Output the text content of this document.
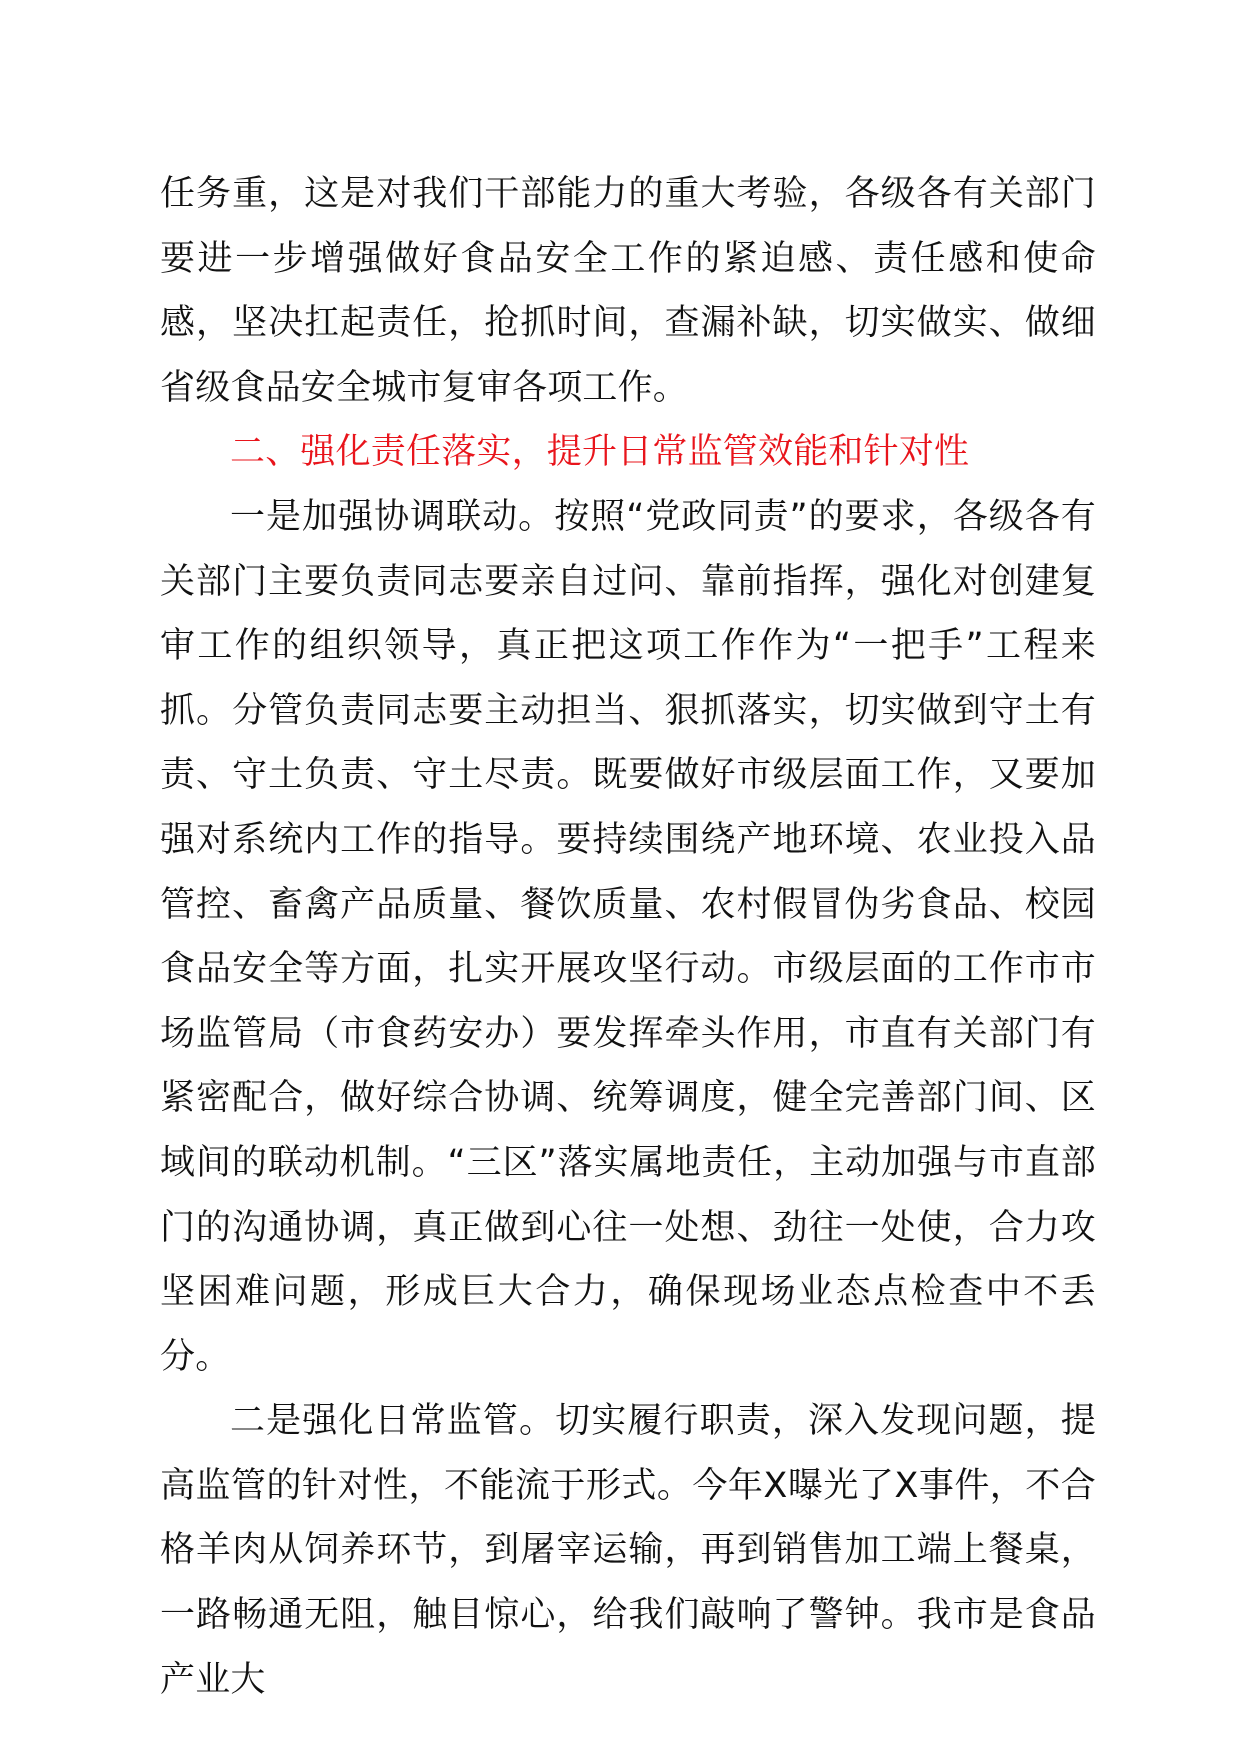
任务重，这是对我们干部能力的重大考验，各级各有关部门要进一步增强做好食品安全工作的紧迫感、责任感和使命感，坚决扛起责任，抢抓时间，查漏补缺，切实做实、做细省级食品安全城市复审各项工作。

二、强化责任落实，提升日常监管效能和针对性

一是加强协调联动。按照“党政同责”的要求，各级各有关部门主要负责同志要亲自过问、靠前指挥，强化对创建复审工作的组织领导，真正把这项工作作为“一把手”工程来抓。分管负责同志要主动担当、狠抓落实，切实做到守土有责、守土负责、守土尽责。既要做好市级层面工作，又要加强对系统内工作的指导。要持续围绕产地环境、农业投入品管控、畜禽产品质量、餐饮质量、农村假冒伪劣食品、校园食品安全等方面，扎实开展攻坚行动。市级层面的工作市市场监管局（市食药安办）要发挥牵头作用，市直有关部门有紧密配合，做好综合协调、统筹调度，健全完善部门间、区域间的联动机制。“三区”落实属地责任，主动加强与市直部门的沟通协调，真正做到心往一处想、劲往一处使，合力攻坚困难问题，形成巨大合力，确保现场业态点检查中不丢分。

二是强化日常监管。切实履行职责，深入发现问题，提高监管的针对性，不能流于形式。今年X曝光了X事件，不合格羊肉从饲养环节，到屠宰运输，再到销售加工端上餐桌，一路畅通无阻，触目惊心，给我们敲响了警钟。我市是食品产业大
